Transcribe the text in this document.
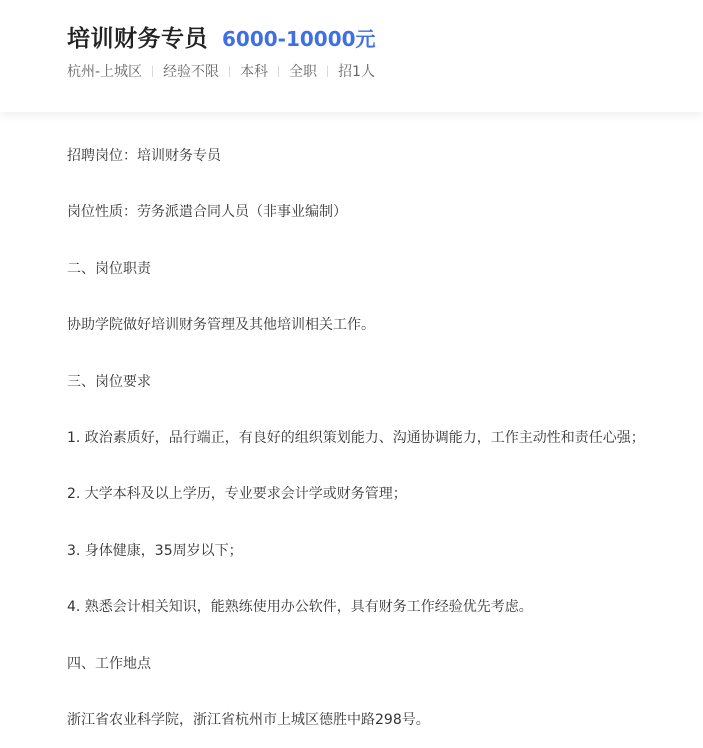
培训财务专员 6000-10000元
杭州-上城区 经验不限 本科 全职 招1人

招聘岗位：培训财务专员

岗位性质：劳务派遣合同人员（非事业编制）

二、岗位职责

协助学院做好培训财务管理及其他培训相关工作。

三、岗位要求

1. 政治素质好，品行端正，有良好的组织策划能力、沟通协调能力，工作主动性和责任心强；

2. 大学本科及以上学历，专业要求会计学或财务管理；

3. 身体健康，35周岁以下；

4. 熟悉会计相关知识，能熟练使用办公软件，具有财务工作经验优先考虑。

四、工作地点

浙江省农业科学院，浙江省杭州市上城区德胜中路298号。
